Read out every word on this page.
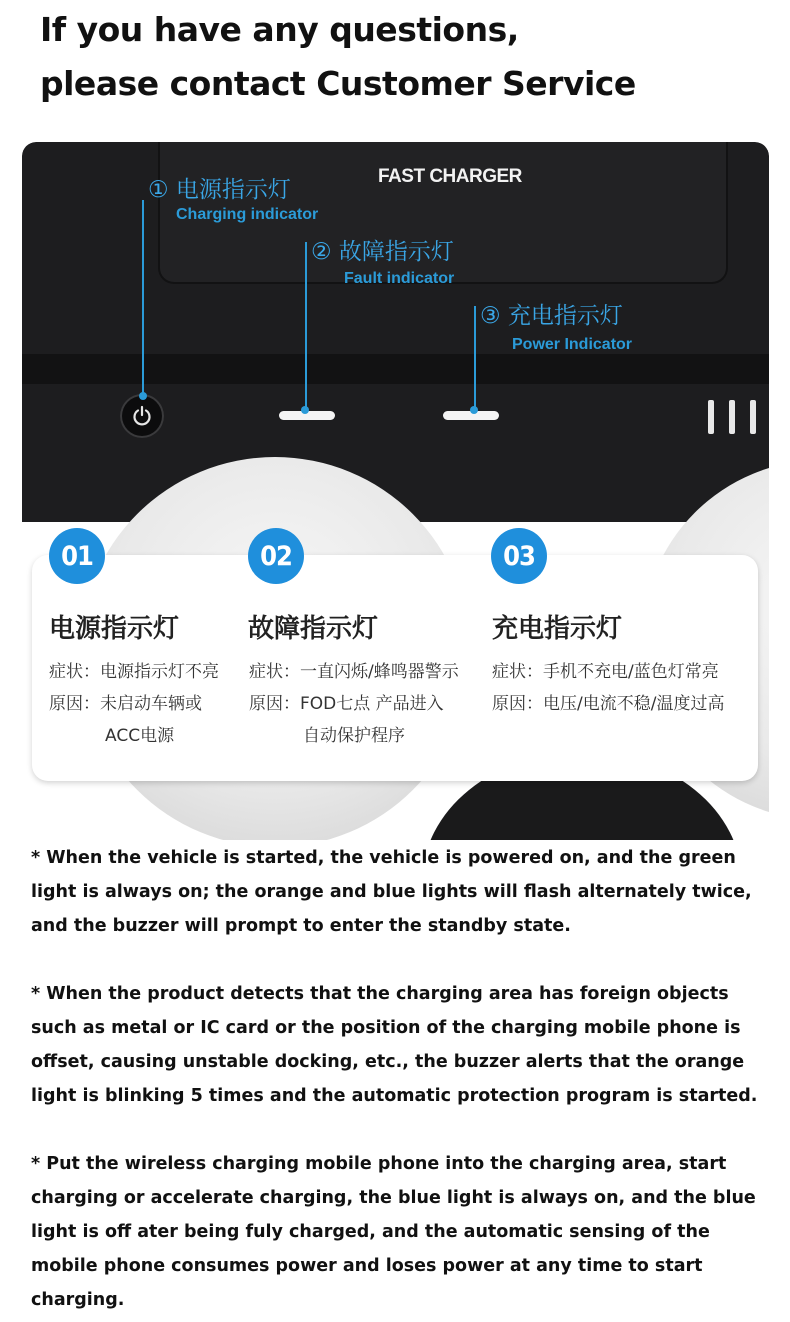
If you have any questions,
please contact Customer Service
FAST CHARGER
① 电源指示灯
Charging indicator
② 故障指示灯
Fault indicator
③ 充电指示灯
Power Indicator
01	02	03
电源指示灯	故障指示灯	充电指示灯
症状：电源指示灯不亮
原因：未启动车辆或
ACC电源
症状：一直闪烁/蜂鸣器警示
原因：FOD七点 产品进入
自动保护程序
症状：手机不充电/蓝色灯常亮
原因：电压/电流不稳/温度过高

* When the vehicle is started, the vehicle is powered on, and the green light is always on; the orange and blue lights will flash alternately twice, and the buzzer will prompt to enter the standby state.

* When the product detects that the charging area has foreign objects such as metal or IC card or the position of the charging mobile phone is offset, causing unstable docking, etc., the buzzer alerts that the orange light is blinking 5 times and the automatic protection program is started.

* Put the wireless charging mobile phone into the charging area, start charging or accelerate charging, the blue light is always on, and the blue light is off ater being fuly charged, and the automatic sensing of the mobile phone consumes power and loses power at any time to start charging.
